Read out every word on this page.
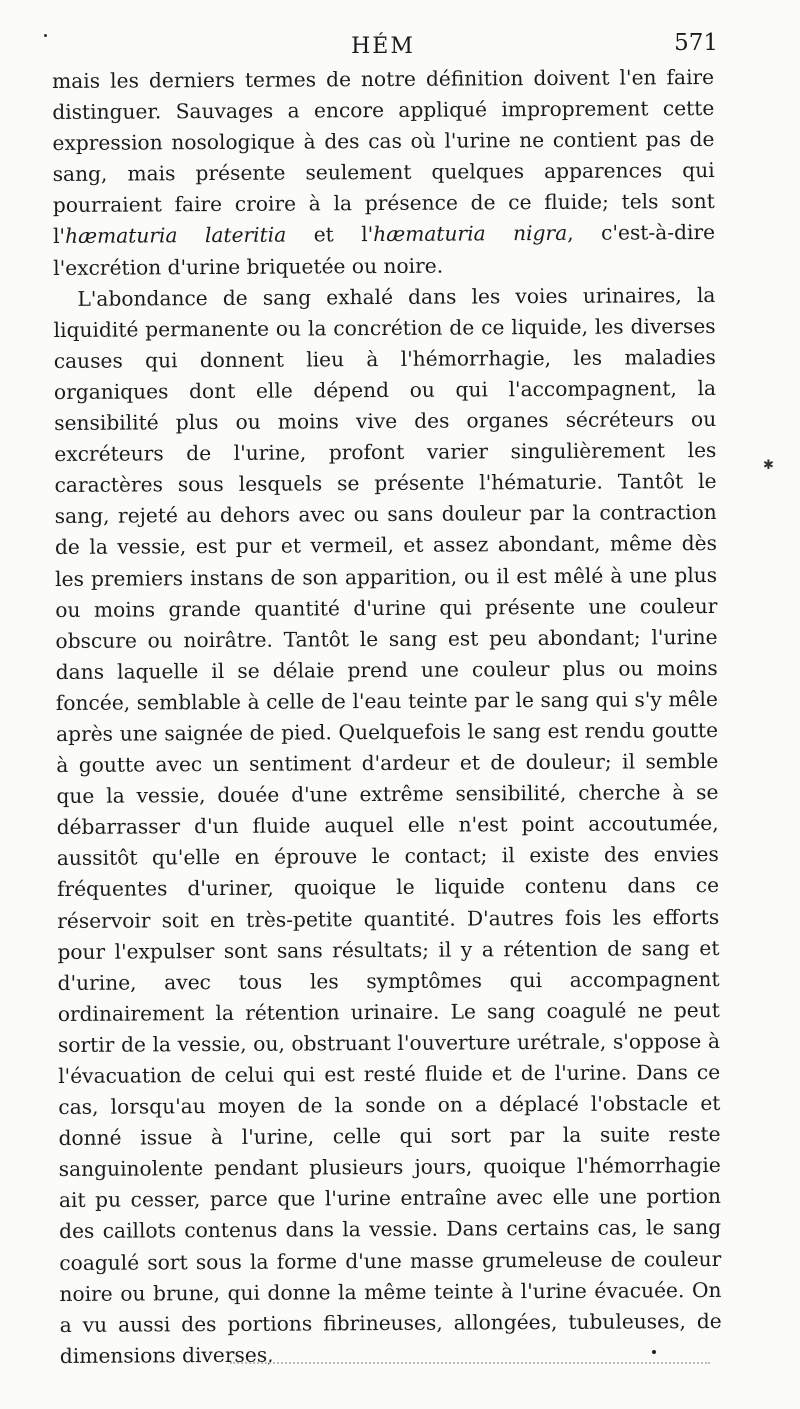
HÉM	571

mais les derniers termes de notre définition doivent l'en faire distinguer. Sauvages a encore appliqué improprement cette expression nosologique à des cas où l'urine ne contient pas de sang, mais présente seulement quelques apparences qui pourraient faire croire à la présence de ce fluide; tels sont l'hæmaturia lateritia et l'hæmaturia nigra, c'est-à-dire l'excrétion d'urine briquetée ou noire.

L'abondance de sang exhalé dans les voies urinaires, la liquidité permanente ou la concrétion de ce liquide, les diverses causes qui donnent lieu à l'hémorrhagie, les maladies organiques dont elle dépend ou qui l'accompagnent, la sensibilité plus ou moins vive des organes sécréteurs ou excréteurs de l'urine, profont varier singulièrement les caractères sous lesquels se présente l'hématurie. Tantôt le sang, rejeté au dehors avec ou sans douleur par la contraction de la vessie, est pur et vermeil, et assez abondant, même dès les premiers instans de son apparition, ou il est mêlé à une plus ou moins grande quantité d'urine qui présente une couleur obscure ou noirâtre. Tantôt le sang est peu abondant; l'urine dans laquelle il se délaie prend une couleur plus ou moins foncée, semblable à celle de l'eau teinte par le sang qui s'y mêle après une saignée de pied. Quelquefois le sang est rendu goutte à goutte avec un sentiment d'ardeur et de douleur; il semble que la vessie, douée d'une extrême sensibilité, cherche à se débarrasser d'un fluide auquel elle n'est point accoutumée, aussitôt qu'elle en éprouve le contact; il existe des envies fréquentes d'uriner, quoique le liquide contenu dans ce réservoir soit en très-petite quantité. D'autres fois les efforts pour l'expulser sont sans résultats; il y a rétention de sang et d'urine, avec tous les symptômes qui accompagnent ordinairement la rétention urinaire. Le sang coagulé ne peut sortir de la vessie, ou, obstruant l'ouverture urétrale, s'oppose à l'évacuation de celui qui est resté fluide et de l'urine. Dans ce cas, lorsqu'au moyen de la sonde on a déplacé l'obstacle et donné issue à l'urine, celle qui sort par la suite reste sanguinolente pendant plusieurs jours, quoique l'hémorrhagie ait pu cesser, parce que l'urine entraîne avec elle une portion des caillots contenus dans la vessie. Dans certains cas, le sang coagulé sort sous la forme d'une masse grumeleuse de couleur noire ou brune, qui donne la même teinte à l'urine évacuée. On a vu aussi des portions fibrineuses, allongées, tubuleuses, de dimensions diverses,

✱
